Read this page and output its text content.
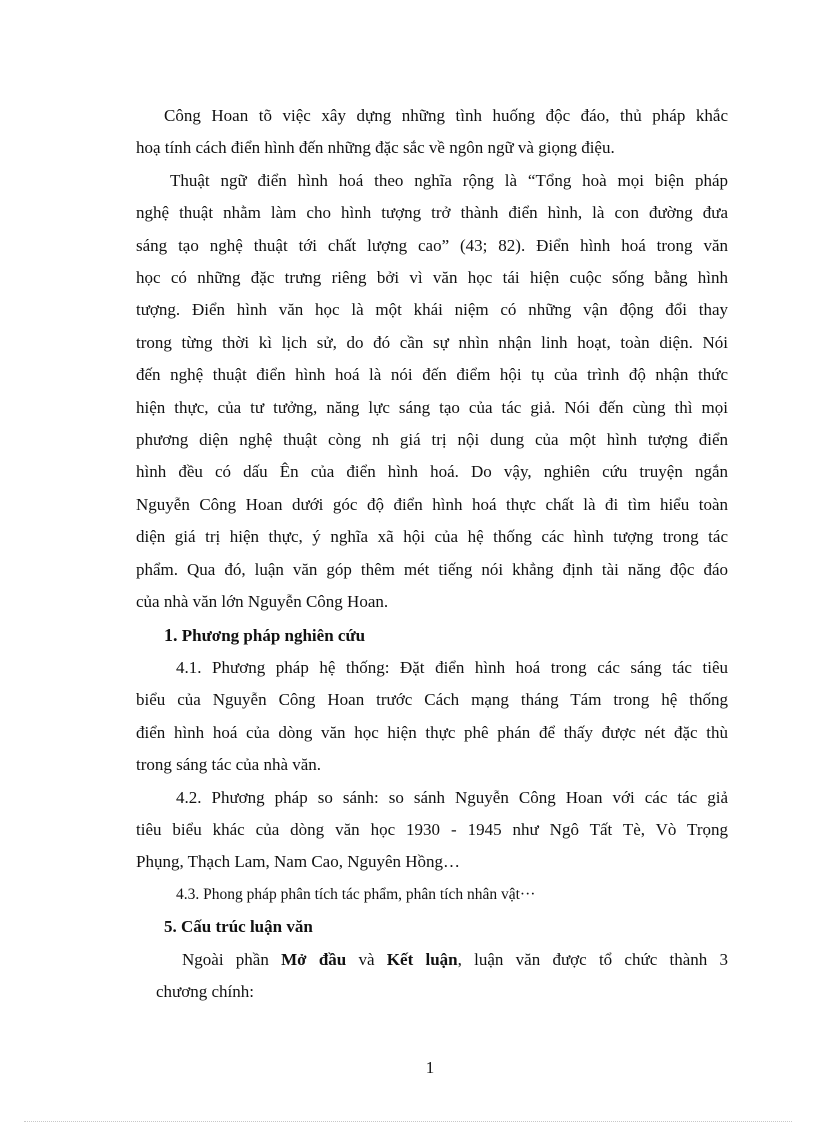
Công Hoan tõ việc xây dựng những tình huống độc đáo, thủ pháp khắc

hoạ tính cách điển hình đến những đặc sắc về ngôn ngữ và giọng điệu.

Thuật ngữ điển hình hoá theo nghĩa rộng là “Tổng hoà mọi biện pháp

nghệ thuật nhằm làm cho hình tượng trở thành điển hình, là con đường đưa

sáng tạo nghệ thuật tới chất lượng cao” (43; 82). Điển hình hoá trong văn

học có những đặc trưng riêng bởi vì văn học tái hiện cuộc sống bằng hình

tượng. Điển hình văn học là một khái niệm có những vận động đổi thay

trong từng thời kì lịch sử, do đó cần sự nhìn nhận linh hoạt, toàn diện. Nói

đến nghệ thuật điển hình hoá là nói đến điểm hội tụ của trình độ nhận thức

hiện thực, của tư tưởng, năng lực sáng tạo của tác giả. Nói đến cùng thì mọi

phương diện nghệ thuật còng nh giá trị nội dung của một hình tượng điển

hình đều có dấu Ên của điển hình hoá. Do vậy, nghiên cứu truyện ngắn

Nguyễn Công Hoan dưới góc độ điển hình hoá thực chất là đi tìm hiểu toàn

diện giá trị hiện thực, ý nghĩa xã hội của hệ thống các hình tượng trong tác

phẩm. Qua đó, luận văn góp thêm mét tiếng nói khẳng định tài năng độc đáo

của nhà văn lớn Nguyễn Công Hoan.

1. Phương pháp nghiên cứu

4.1. Phương pháp hệ thống: Đặt điển hình hoá trong các sáng tác tiêu

biểu của Nguyễn Công Hoan trước Cách mạng tháng Tám trong hệ thống

điển hình hoá của dòng văn học hiện thực phê phán để thấy được nét đặc thù

trong sáng tác của nhà văn.

4.2. Phương pháp so sánh: so sánh Nguyễn Công Hoan với các tác giả

tiêu biểu khác của dòng văn học 1930 - 1945 như Ngô Tất Tè, Vò Trọng

Phụng, Thạch Lam, Nam Cao, Nguyên Hồng…

4.3. Phong pháp phân tích tác phẩm, phân tích nhân vật···

5. Cấu trúc luận văn

Ngoài phần Mở đầu và Kết luận, luận văn được tổ chức thành 3

chương chính:

1
